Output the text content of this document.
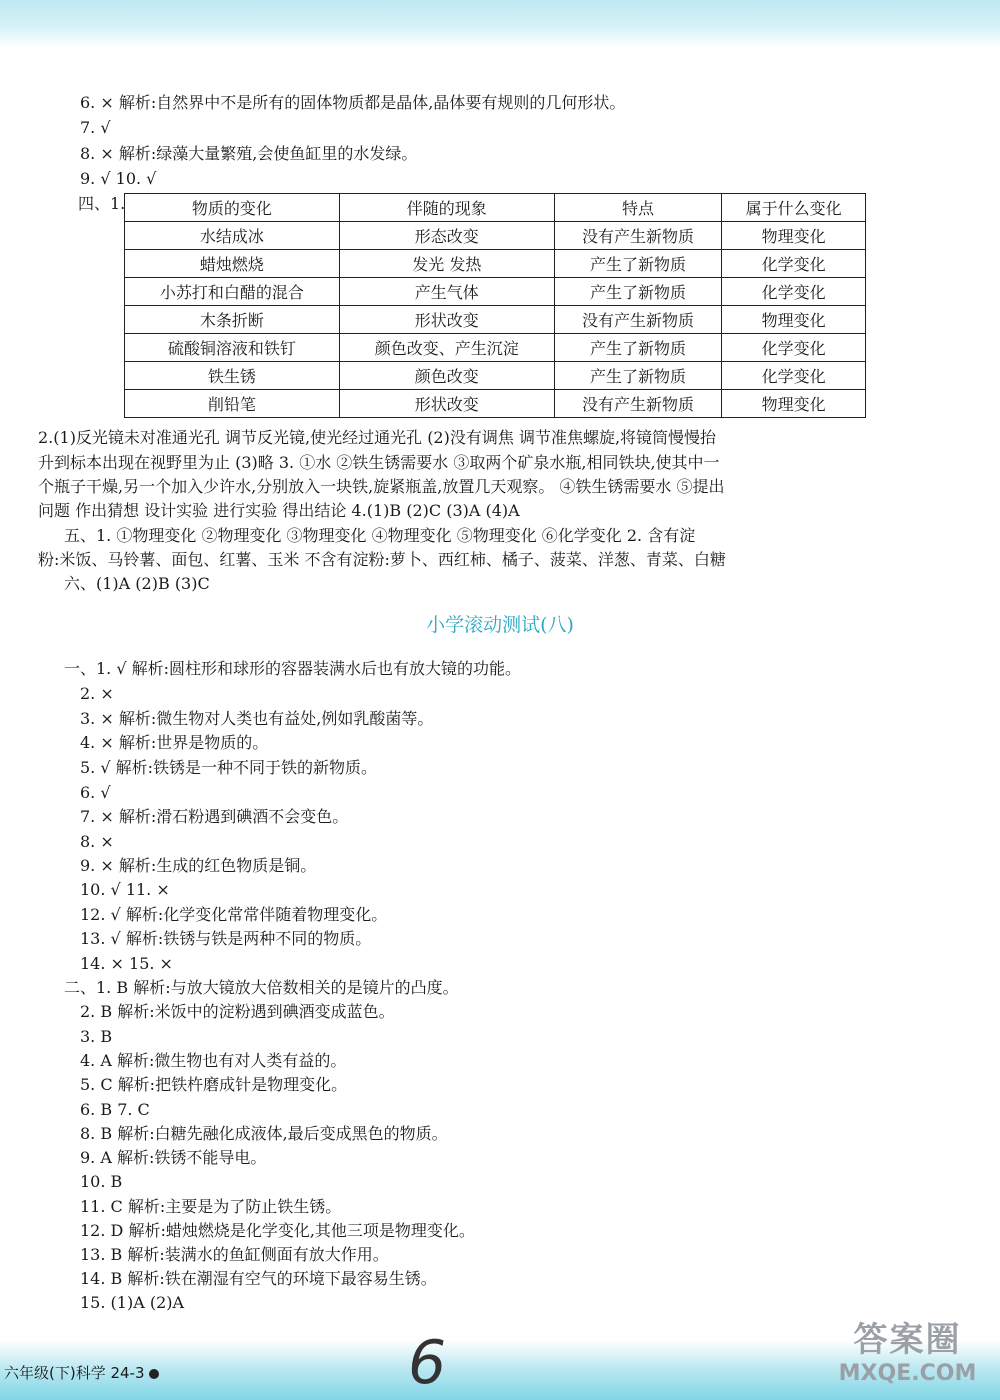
6. × 解析:自然界中不是所有的固体物质都是晶体,晶体要有规则的几何形状。
7. √
8. × 解析:绿藻大量繁殖,会使鱼缸里的水发绿。
9. √ 10. √
四、1.	物质的变化	伴随的现象	特点	属于什么变化
水结成冰	形态改变	没有产生新物质	物理变化
蜡烛燃烧	发光 发热	产生了新物质	化学变化
小苏打和白醋的混合	产生气体	产生了新物质	化学变化
木条折断	形状改变	没有产生新物质	物理变化
硫酸铜溶液和铁钉	颜色改变、产生沉淀	产生了新物质	化学变化
铁生锈	颜色改变	产生了新物质	化学变化
削铅笔	形状改变	没有产生新物质	物理变化
2.(1)反光镜未对准通光孔 调节反光镜,使光经过通光孔 (2)没有调焦 调节准焦螺旋,将镜筒慢慢抬
升到标本出现在视野里为止 (3)略 3. ①水 ②铁生锈需要水 ③取两个矿泉水瓶,相同铁块,使其中一
个瓶子干燥,另一个加入少许水,分别放入一块铁,旋紧瓶盖,放置几天观察。 ④铁生锈需要水 ⑤提出
问题 作出猜想 设计实验 进行实验 得出结论 4.(1)B (2)C (3)A (4)A
五、1. ①物理变化 ②物理变化 ③物理变化 ④物理变化 ⑤物理变化 ⑥化学变化 2. 含有淀
粉:米饭、马铃薯、面包、红薯、玉米 不含有淀粉:萝卜、西红柿、橘子、菠菜、洋葱、青菜、白糖
六、(1)A (2)B (3)C
小学滚动测试(八)
一、1. √ 解析:圆柱形和球形的容器装满水后也有放大镜的功能。
2. ×
3. × 解析:微生物对人类也有益处,例如乳酸菌等。
4. × 解析:世界是物质的。
5. √ 解析:铁锈是一种不同于铁的新物质。
6. √
7. × 解析:滑石粉遇到碘酒不会变色。
8. ×
9. × 解析:生成的红色物质是铜。
10. √ 11. ×
12. √ 解析:化学变化常常伴随着物理变化。
13. √ 解析:铁锈与铁是两种不同的物质。
14. × 15. ×
二、1. B 解析:与放大镜放大倍数相关的是镜片的凸度。
2. B 解析:米饭中的淀粉遇到碘酒变成蓝色。
3. B
4. A 解析:微生物也有对人类有益的。
5. C 解析:把铁杵磨成针是物理变化。
6. B 7. C
8. B 解析:白糖先融化成液体,最后变成黑色的物质。
9. A 解析:铁锈不能导电。
10. B
11. C 解析:主要是为了防止铁生锈。
12. D 解析:蜡烛燃烧是化学变化,其他三项是物理变化。
13. B 解析:装满水的鱼缸侧面有放大作用。
14. B 解析:铁在潮湿有空气的环境下最容易生锈。
15. (1)A (2)A
六年级(下)科学 24-3	6	答案圈
MXQE.COM
